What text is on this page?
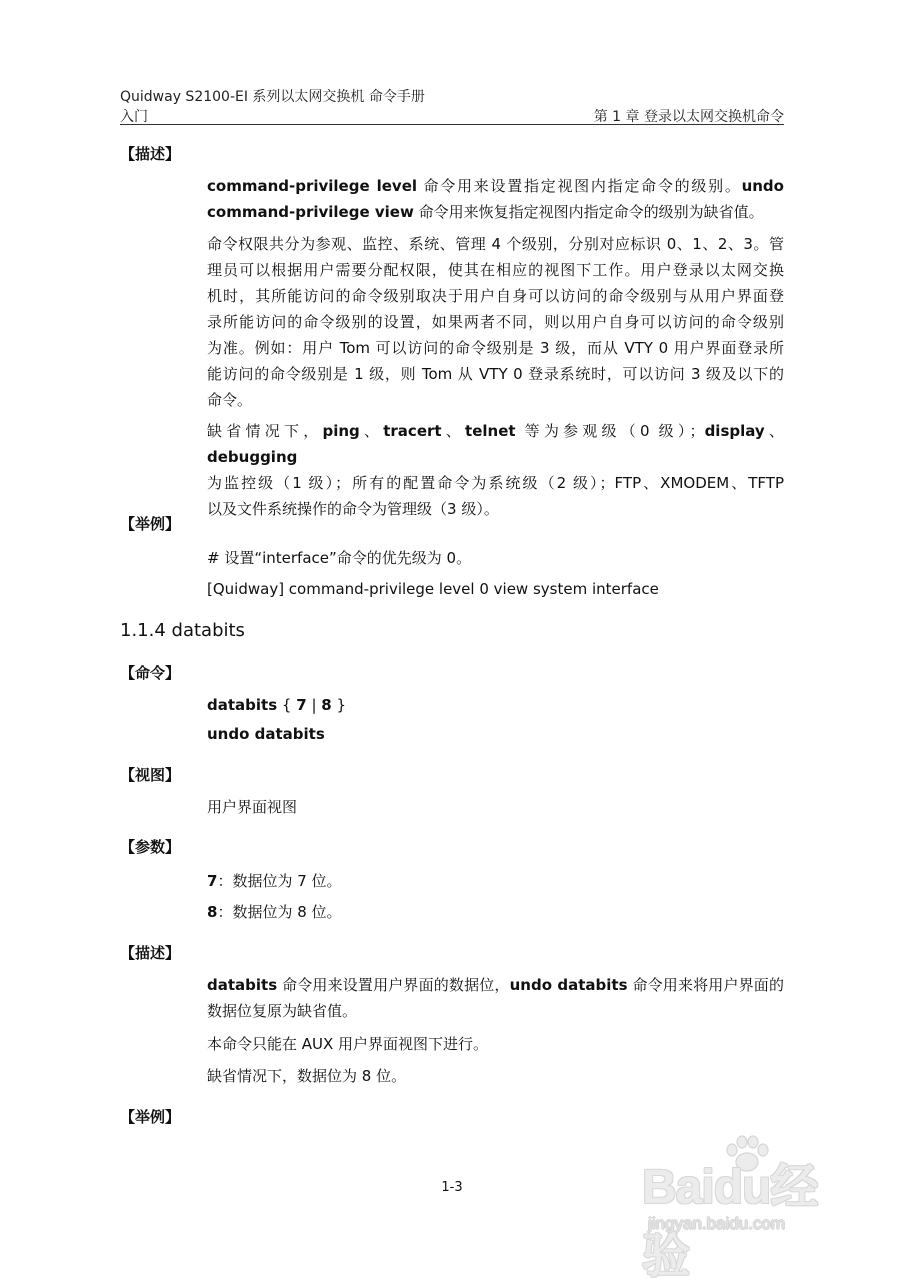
Quidway S2100-EI 系列以太网交换机 命令手册
入门	第 1 章 登录以太网交换机命令
【描述】
command-privilege level 命令用来设置指定视图内指定命令的级别。undo
command-privilege view 命令用来恢复指定视图内指定命令的级别为缺省值。
命令权限共分为参观、监控、系统、管理 4 个级别，分别对应标识 0、1、2、3。管
理员可以根据用户需要分配权限，使其在相应的视图下工作。用户登录以太网交换
机时，其所能访问的命令级别取决于用户自身可以访问的命令级别与从用户界面登
录所能访问的命令级别的设置，如果两者不同，则以用户自身可以访问的命令级别
为准。例如：用户 Tom 可以访问的命令级别是 3 级，而从 VTY 0 用户界面登录所
能访问的命令级别是 1 级，则 Tom 从 VTY 0 登录系统时，可以访问 3 级及以下的
命令。
缺省情况下，ping、tracert、telnet 等为参观级（0 级）；display、debugging
为监控级（1 级）；所有的配置命令为系统级（2 级）；FTP、XMODEM、TFTP
以及文件系统操作的命令为管理级（3 级）。
【举例】
# 设置“interface”命令的优先级为 0。
[Quidway] command-privilege level 0 view system interface
1.1.4 databits
【命令】
databits { 7 | 8 }
undo databits
【视图】
用户界面视图
【参数】
7：数据位为 7 位。
8：数据位为 8 位。
【描述】
databits 命令用来设置用户界面的数据位，undo databits 命令用来将用户界面的
数据位复原为缺省值。
本命令只能在 AUX 用户界面视图下进行。
缺省情况下，数据位为 8 位。
【举例】
1-3	Baidu经验
jingyan.baidu.com
